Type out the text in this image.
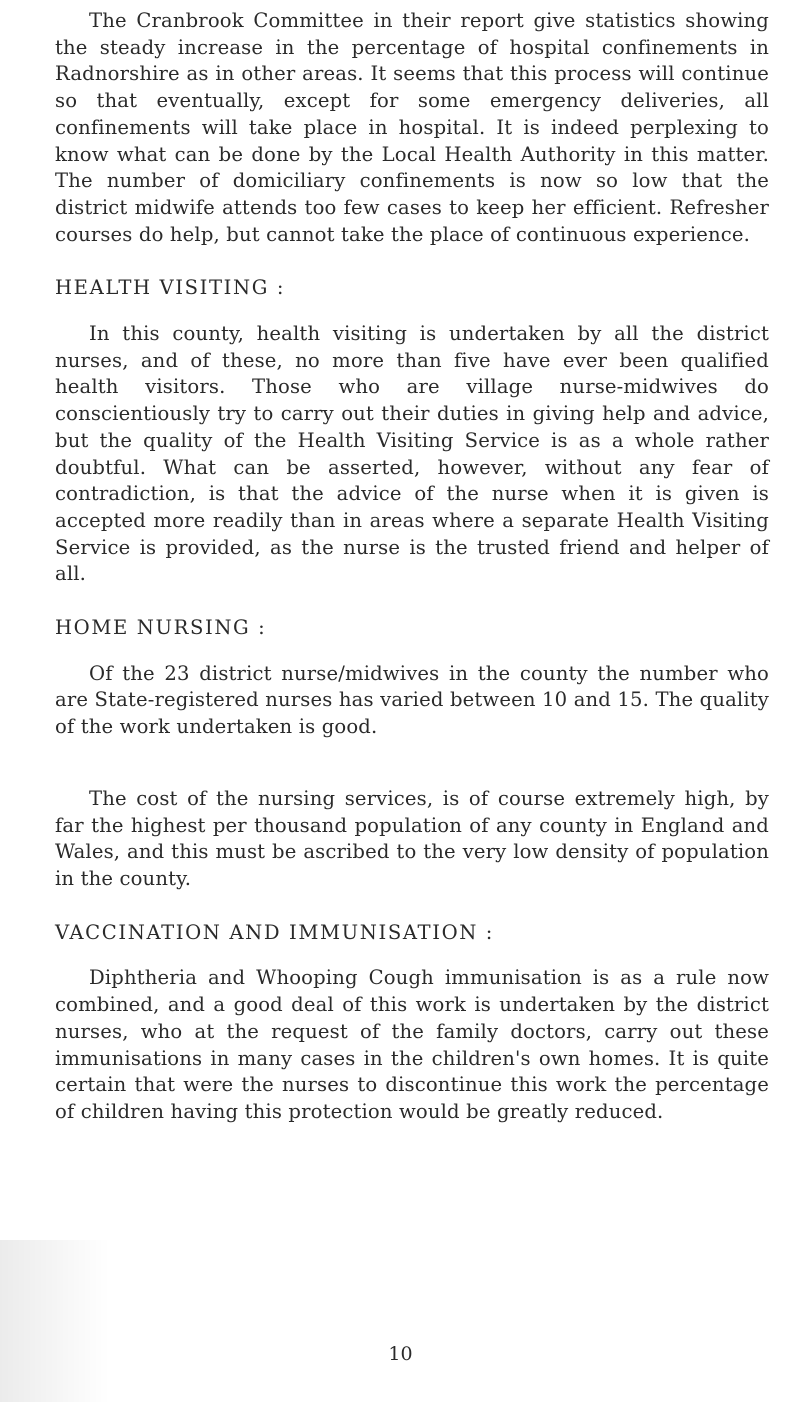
The Cranbrook Committee in their report give statistics showing the steady increase in the percentage of hospital confinements in Radnorshire as in other areas. It seems that this process will continue so that eventually, except for some emergency deliveries, all confinements will take place in hospital. It is indeed perplexing to know what can be done by the Local Health Authority in this matter. The number of domiciliary confinements is now so low that the district midwife attends too few cases to keep her efficient. Refresher courses do help, but cannot take the place of continuous experience.

HEALTH VISITING :

In this county, health visiting is undertaken by all the district nurses, and of these, no more than five have ever been qualified health visitors. Those who are village nurse-midwives do conscientiously try to carry out their duties in giving help and advice, but the quality of the Health Visiting Service is as a whole rather doubtful. What can be asserted, however, without any fear of contradiction, is that the advice of the nurse when it is given is accepted more readily than in areas where a separate Health Visiting Service is provided, as the nurse is the trusted friend and helper of all.

HOME NURSING :

Of the 23 district nurse/midwives in the county the number who are State-registered nurses has varied between 10 and 15. The quality of the work undertaken is good.

The cost of the nursing services, is of course extremely high, by far the highest per thousand population of any county in England and Wales, and this must be ascribed to the very low density of population in the county.

VACCINATION AND IMMUNISATION :

Diphtheria and Whooping Cough immunisation is as a rule now combined, and a good deal of this work is undertaken by the district nurses, who at the request of the family doctors, carry out these immunisations in many cases in the children's own homes. It is quite certain that were the nurses to discontinue this work the percentage of children having this protection would be greatly reduced.

10
